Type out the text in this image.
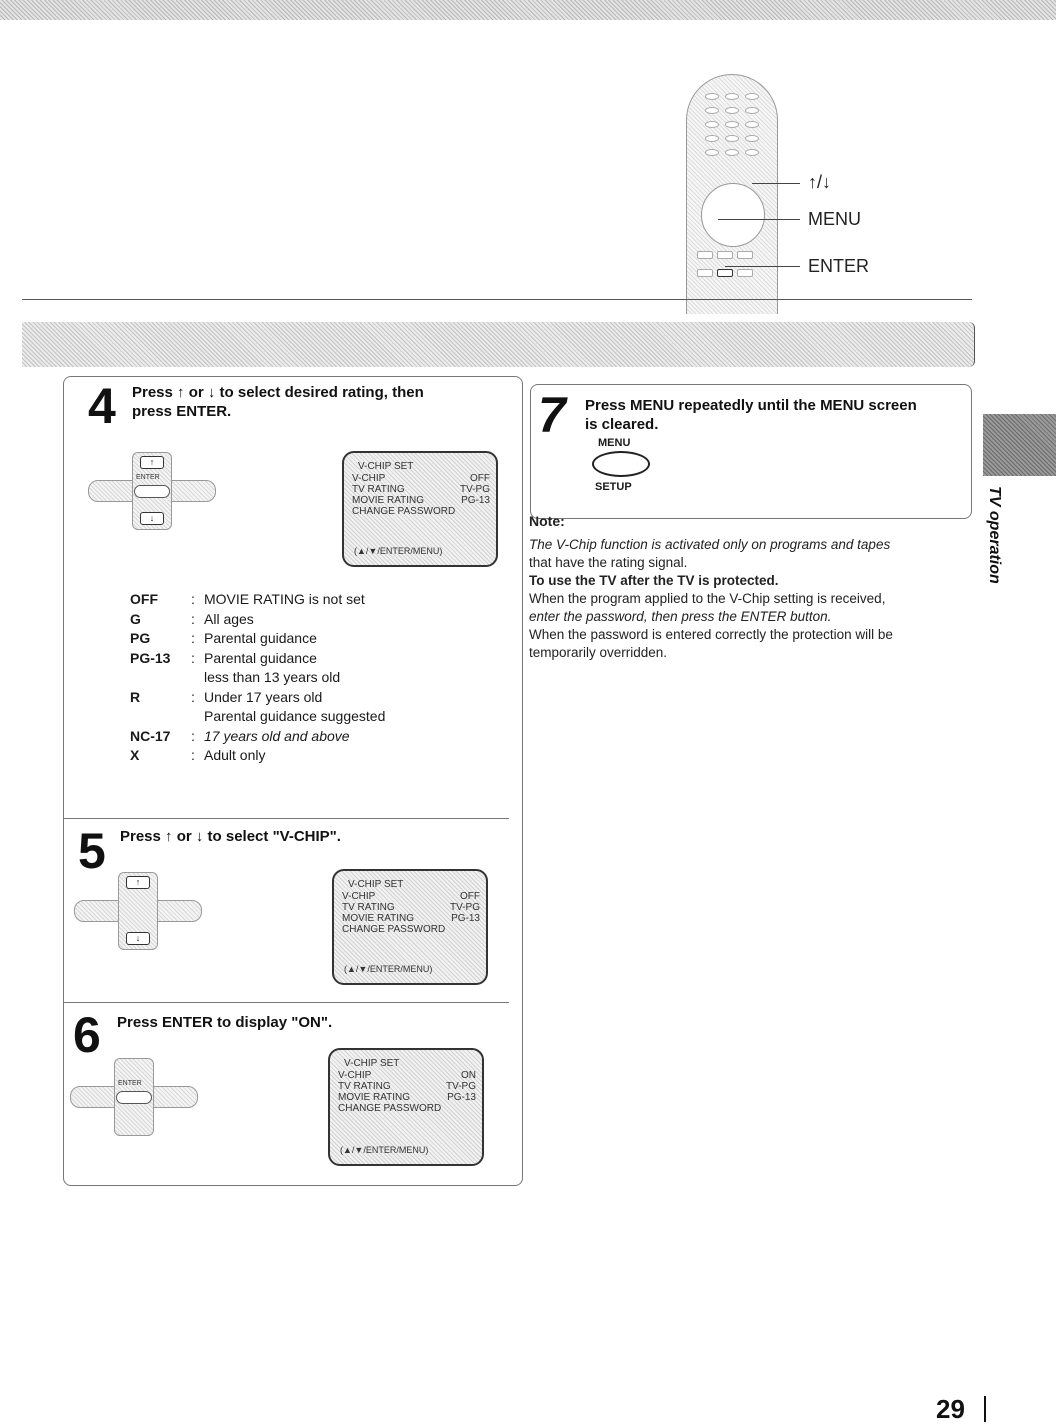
↑/↓
MENU
ENTER
4 Press ↑ or ↓ to select desired rating, then
press ENTER.
↑
ENTER
↓
V-CHIP SET
V-CHIP	OFF
TV RATING	TV-PG
MOVIE RATING	PG-13
CHANGE PASSWORD
(▲/▼/ENTER/MENU)
OFF	: MOVIE RATING is not set
G	: All ages
PG	: Parental guidance
PG-13	: Parental guidance
less than 13 years old
R	: Under 17 years old
Parental guidance suggested
NC-17	: 17 years old and above
X	: Adult only
5 Press ↑ or ↓ to select "V-CHIP".
↑
↓
V-CHIP SET
V-CHIP	OFF
TV RATING	TV-PG
MOVIE RATING	PG-13
CHANGE PASSWORD
(▲/▼/ENTER/MENU)
6 Press ENTER to display "ON".
ENTER
V-CHIP SET
V-CHIP	ON
TV RATING	TV-PG
MOVIE RATING	PG-13
CHANGE PASSWORD
(▲/▼/ENTER/MENU)
7 Press MENU repeatedly until the MENU screen
is cleared.
MENU
SETUP
Note:
The V-Chip function is activated only on programs and tapes
that have the rating signal.
To use the TV after the TV is protected.
When the program applied to the V-Chip setting is received,
enter the password, then press the ENTER button.
When the password is entered correctly the protection will be
temporarily overridden.
TV operation
29
